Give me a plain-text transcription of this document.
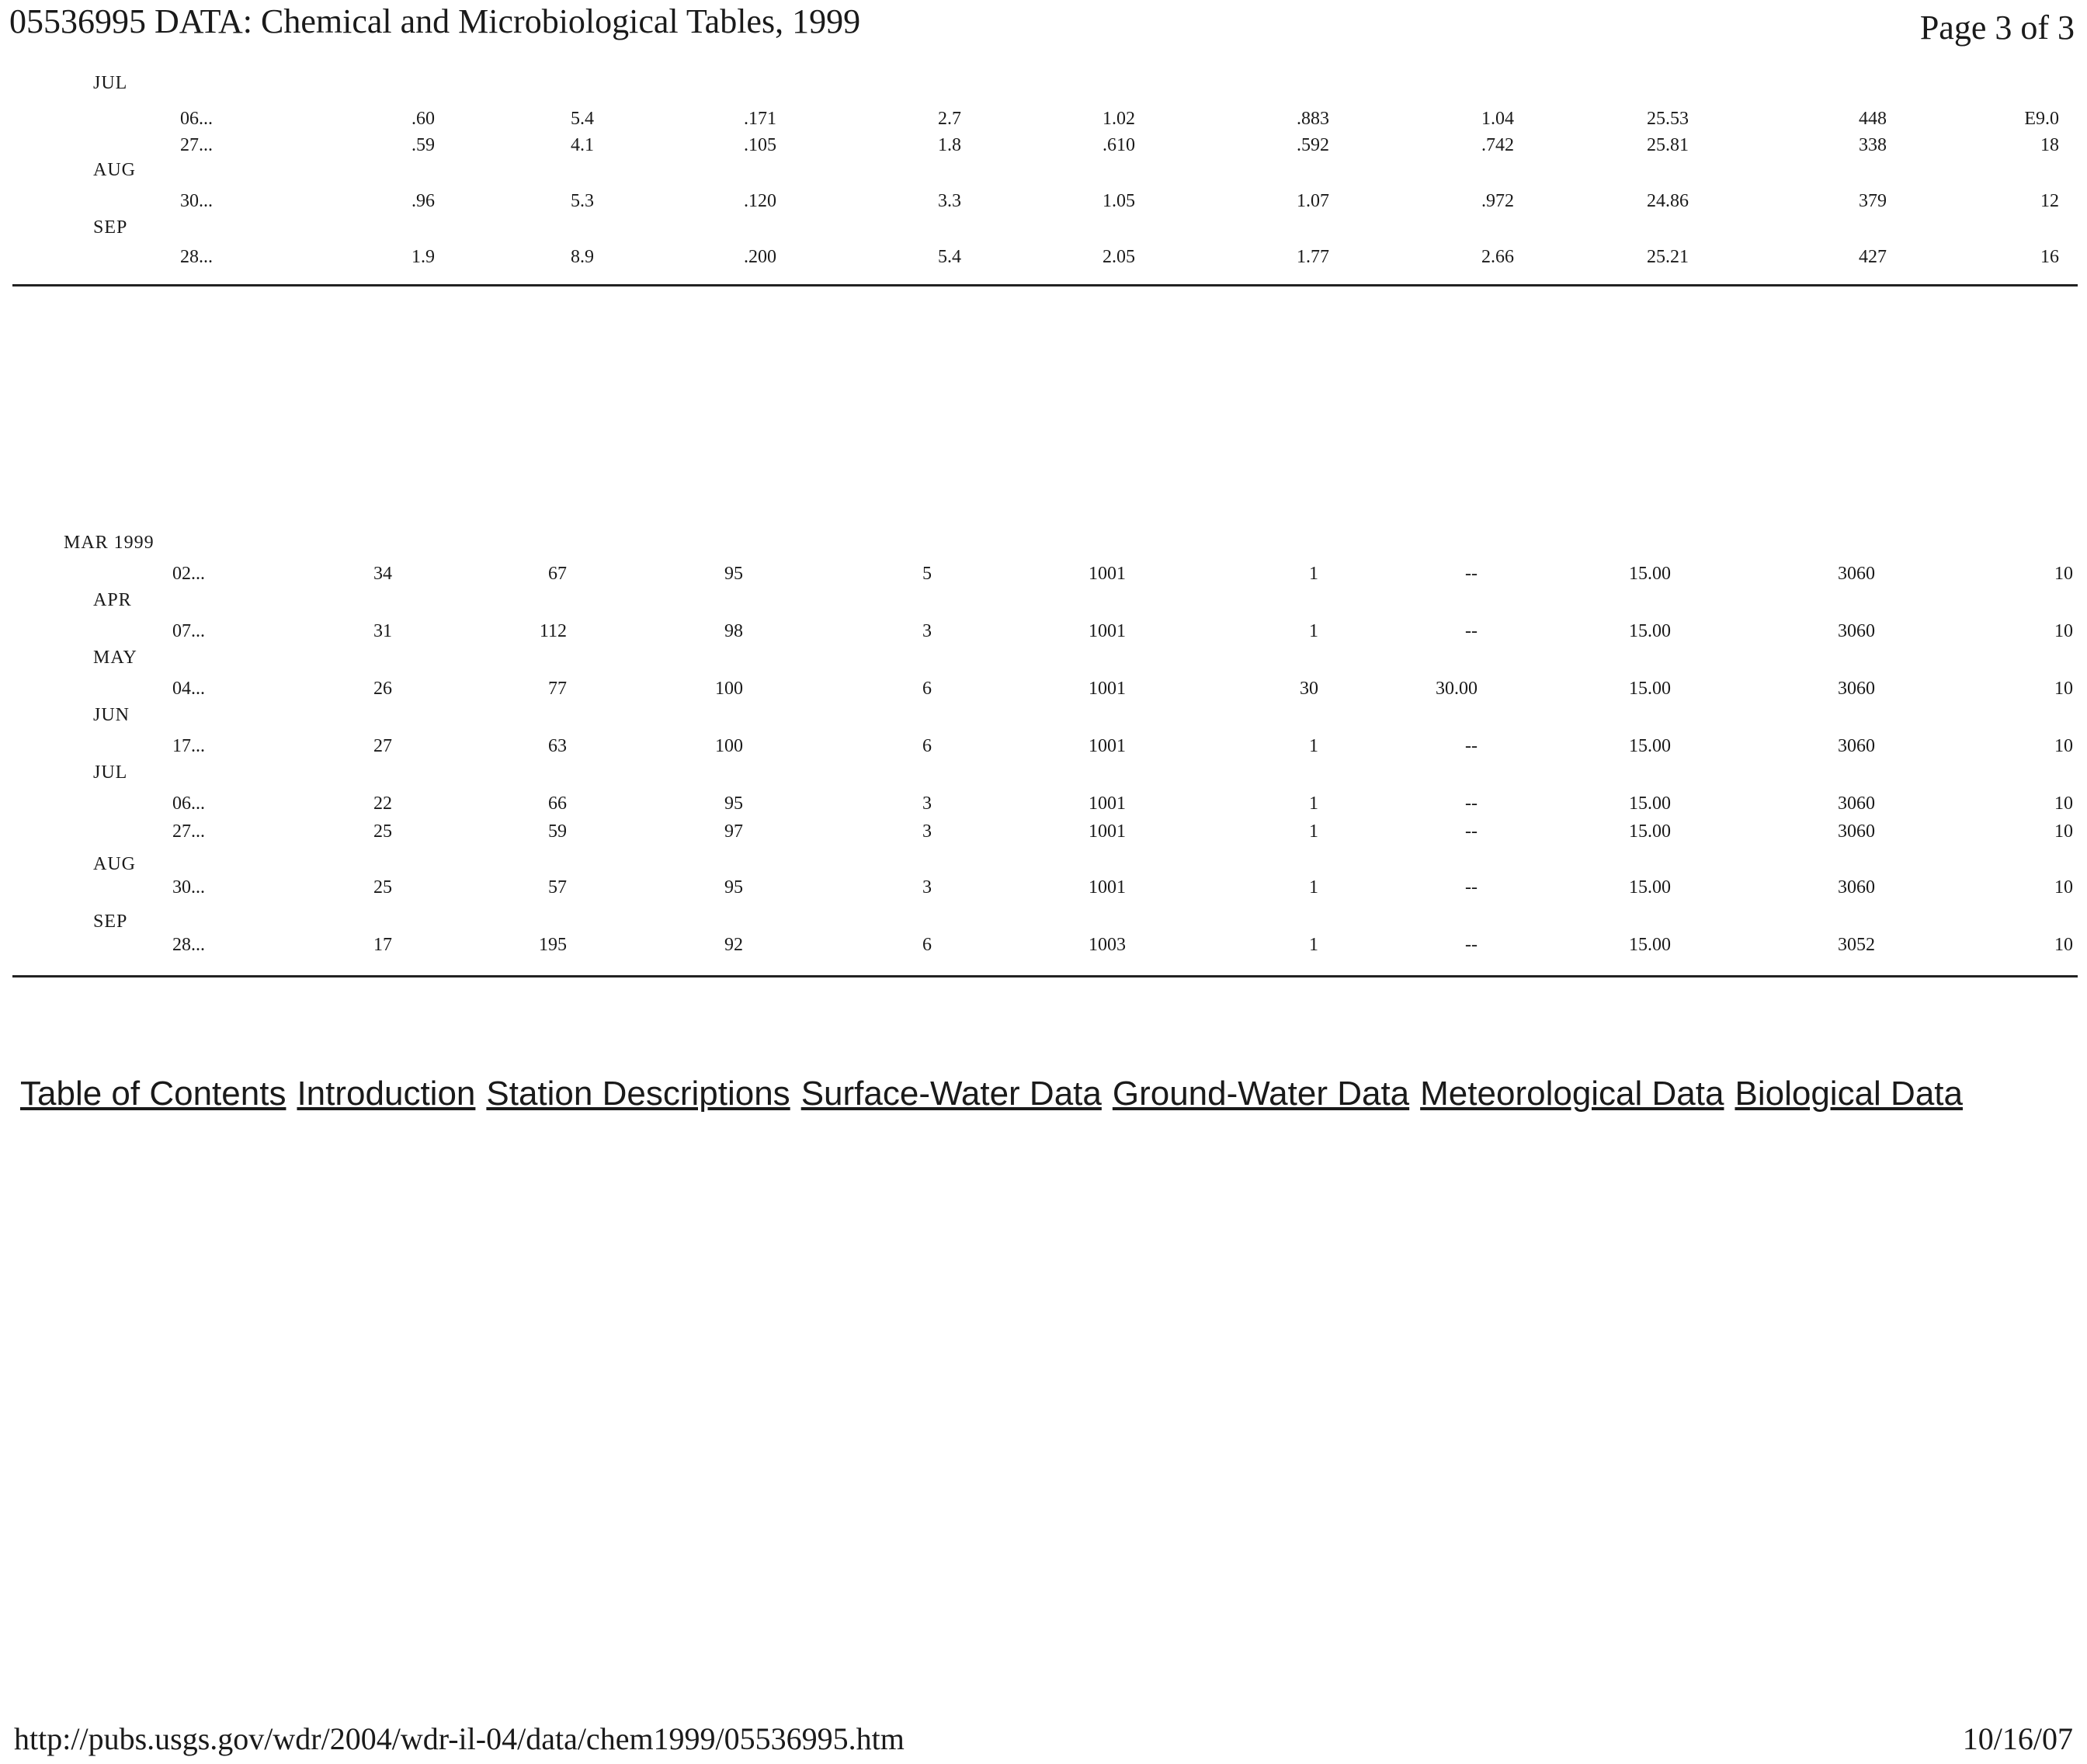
05536995 DATA: Chemical and Microbiological Tables, 1999	Page 3 of 3
JUL
06...	.60	5.4	.171	2.7	1.02	.883	1.04	25.53	448	E9.0
27...	.59	4.1	.105	1.8	.610	.592	.742	25.81	338	18
AUG
30...	.96	5.3	.120	3.3	1.05	1.07	.972	24.86	379	12
SEP
28...	1.9	8.9	.200	5.4	2.05	1.77	2.66	25.21	427	16
MAR 1999
02...	34	67	95	5	1001	1	--	15.00	3060	10
APR
07...	31	112	98	3	1001	1	--	15.00	3060	10
MAY
04...	26	77	100	6	1001	30	30.00	15.00	3060	10
JUN
17...	27	63	100	6	1001	1	--	15.00	3060	10
JUL
06...	22	66	95	3	1001	1	--	15.00	3060	10
27...	25	59	97	3	1001	1	--	15.00	3060	10
AUG
30...	25	57	95	3	1001	1	--	15.00	3060	10
SEP
28...	17	195	92	6	1003	1	--	15.00	3052	10
Table of Contents Introduction Station Descriptions Surface-Water Data Ground-Water Data Meteorological Data Biological Data
http://pubs.usgs.gov/wdr/2004/wdr-il-04/data/chem1999/05536995.htm	10/16/07
